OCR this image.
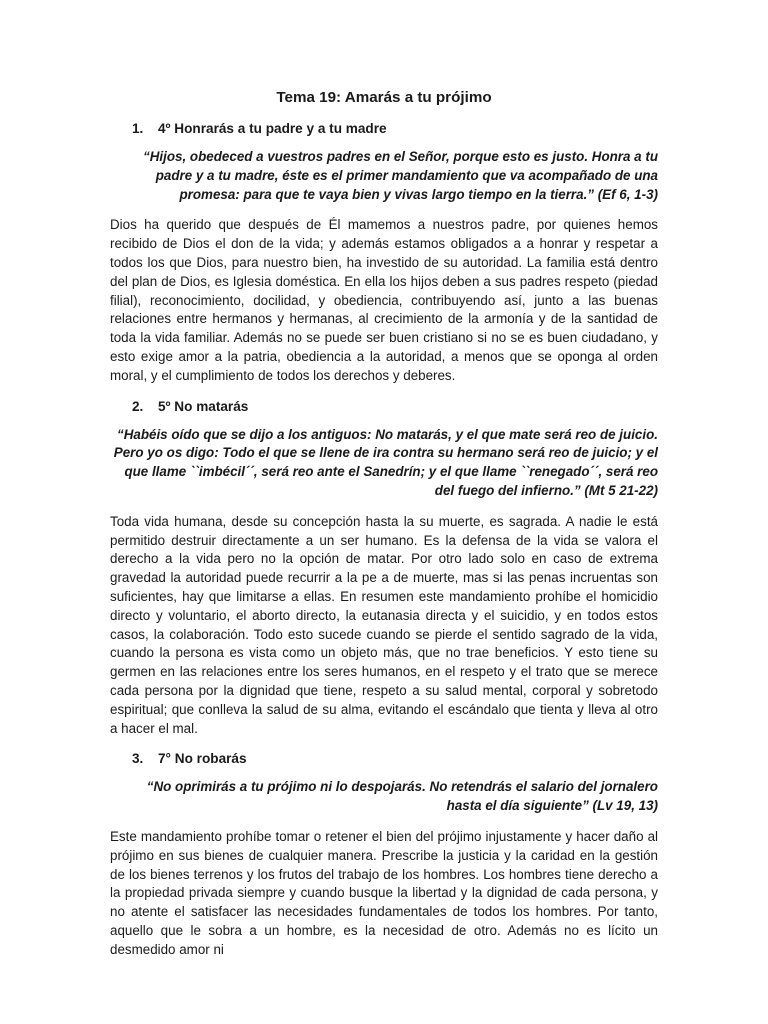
Tema 19: Amarás a tu prójimo
1. 4º Honrarás a tu padre y a tu madre

“Hijos, obedeced a vuestros padres en el Señor, porque esto es justo. Honra a tu padre y a tu madre, éste es el primer mandamiento que va acompañado de una promesa: para que te vaya bien y vivas largo tiempo en la tierra.” (Ef 6, 1-3)

Dios ha querido que después de Él mamemos a nuestros padre, por quienes hemos recibido de Dios el don de la vida; y además estamos obligados a a honrar y respetar a todos los que Dios, para nuestro bien, ha investido de su autoridad. La familia está dentro del plan de Dios, es Iglesia doméstica. En ella los hijos deben a sus padres respeto (piedad filial), reconocimiento, docilidad, y obediencia, contribuyendo así, junto a las buenas relaciones entre hermanos y hermanas, al crecimiento de la armonía y de la santidad de toda la vida familiar. Además no se puede ser buen cristiano si no se es buen ciudadano, y esto exige amor a la patria, obediencia a la autoridad, a menos que se oponga al orden moral, y el cumplimiento de todos los derechos y deberes.

2. 5º No matarás

“Habéis oído que se dijo a los antiguos: No matarás, y el que mate será reo de juicio. Pero yo os digo: Todo el que se llene de ira contra su hermano será reo de juicio; y el que llame ``imbécil´´, será reo ante el Sanedrín; y el que llame ``renegado´´, será reo del fuego del infierno.” (Mt 5 21-22)

Toda vida humana, desde su concepción hasta la su muerte, es sagrada. A nadie le está permitido destruir directamente a un ser humano. Es la defensa de la vida se valora el derecho a la vida pero no la opción de matar. Por otro lado solo en caso de extrema gravedad la autoridad puede recurrir a la pe a de muerte, mas si las penas incruentas son suficientes, hay que limitarse a ellas. En resumen este mandamiento prohíbe el homicidio directo y voluntario, el aborto directo, la eutanasia directa y el suicidio, y en todos estos casos, la colaboración. Todo esto sucede cuando se pierde el sentido sagrado de la vida, cuando la persona es vista como un objeto más, que no trae beneficios. Y esto tiene su germen en las relaciones entre los seres humanos, en el respeto y el trato que se merece cada persona por la dignidad que tiene, respeto a su salud mental, corporal y sobretodo espiritual; que conlleva la salud de su alma, evitando el escándalo que tienta y lleva al otro a hacer el mal.

3. 7° No robarás

“No oprimirás a tu prójimo ni lo despojarás. No retendrás el salario del jornalero hasta el día siguiente” (Lv 19, 13)

Este mandamiento prohíbe tomar o retener el bien del prójimo injustamente y hacer daño al prójimo en sus bienes de cualquier manera. Prescribe la justicia y la caridad en la gestión de los bienes terrenos y los frutos del trabajo de los hombres. Los hombres tiene derecho a la propiedad privada siempre y cuando busque la libertad y la dignidad de cada persona, y no atente el satisfacer las necesidades fundamentales de todos los hombres. Por tanto, aquello que le sobra a un hombre, es la necesidad de otro. Además no es lícito un desmedido amor ni
